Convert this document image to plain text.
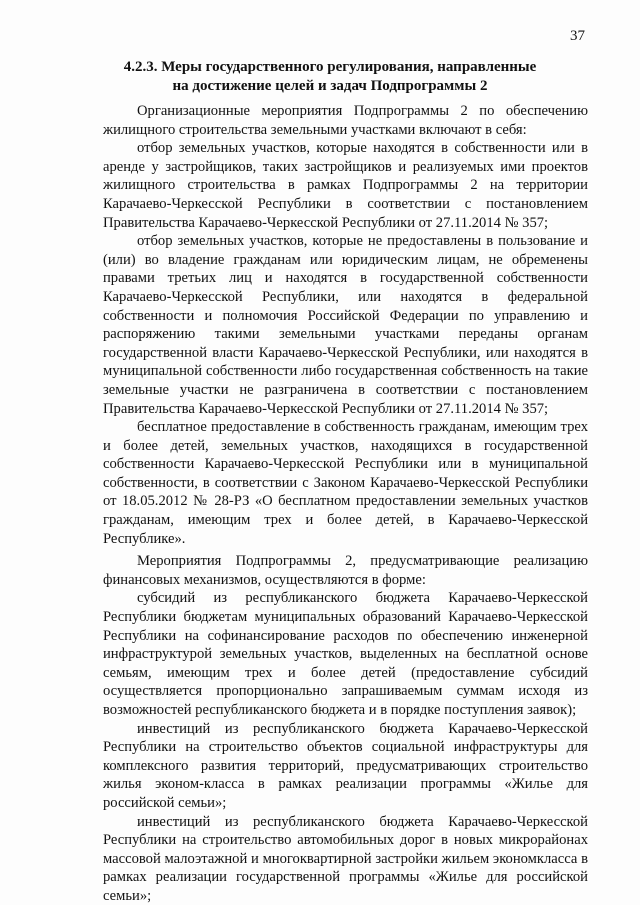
37

4.2.3. Меры государственного регулирования, направленные
на достижение целей и задач Подпрограммы 2

Организационные мероприятия Подпрограммы 2 по обеспечению жилищного строительства земельными участками включают в себя:

отбор земельных участков, которые находятся в собственности или в аренде у застройщиков, таких застройщиков и реализуемых ими проектов жилищного строительства в рамках Подпрограммы 2 на территории Карачаево-Черкесской Республики в соответствии с постановлением Правительства Карачаево-Черкесской Республики от 27.11.2014 № 357;

отбор земельных участков, которые не предоставлены в пользование и (или) во владение гражданам или юридическим лицам, не обременены правами третьих лиц и находятся в государственной собственности Карачаево-Черкесской Республики, или находятся в федеральной собственности и полномочия Российской Федерации по управлению и распоряжению такими земельными участками переданы органам государственной власти Карачаево-Черкесской Республики, или находятся в муниципальной собственности либо государственная собственность на такие земельные участки не разграничена в соответствии с постановлением Правительства Карачаево-Черкесской Республики от 27.11.2014 № 357;

бесплатное предоставление в собственность гражданам, имеющим трех и более детей, земельных участков, находящихся в государственной собственности Карачаево-Черкесской Республики или в муниципальной собственности, в соответствии с Законом Карачаево-Черкесской Республики от 18.05.2012 № 28-РЗ «О бесплатном предоставлении земельных участков гражданам, имеющим трех и более детей, в Карачаево-Черкесской Республике».

Мероприятия Подпрограммы 2, предусматривающие реализацию финансовых механизмов, осуществляются в форме:

субсидий из республиканского бюджета Карачаево-Черкесской Республики бюджетам муниципальных образований Карачаево-Черкесской Республики на софинансирование расходов по обеспечению инженерной инфраструктурой земельных участков, выделенных на бесплатной основе семьям, имеющим трех и более детей (предоставление субсидий осуществляется пропорционально запрашиваемым суммам исходя из возможностей республиканского бюджета и в порядке поступления заявок);

инвестиций из республиканского бюджета Карачаево-Черкесской Республики на строительство объектов социальной инфраструктуры для комплексного развития территорий, предусматривающих строительство жилья эконом-класса в рамках реализации программы «Жилье для российской семьи»;

инвестиций из республиканского бюджета Карачаево-Черкесской Республики на строительство автомобильных дорог в новых микрорайонах массовой малоэтажной и многоквартирной застройки жильем экономкласса в рамках реализации государственной программы «Жилье для российской семьи»;
